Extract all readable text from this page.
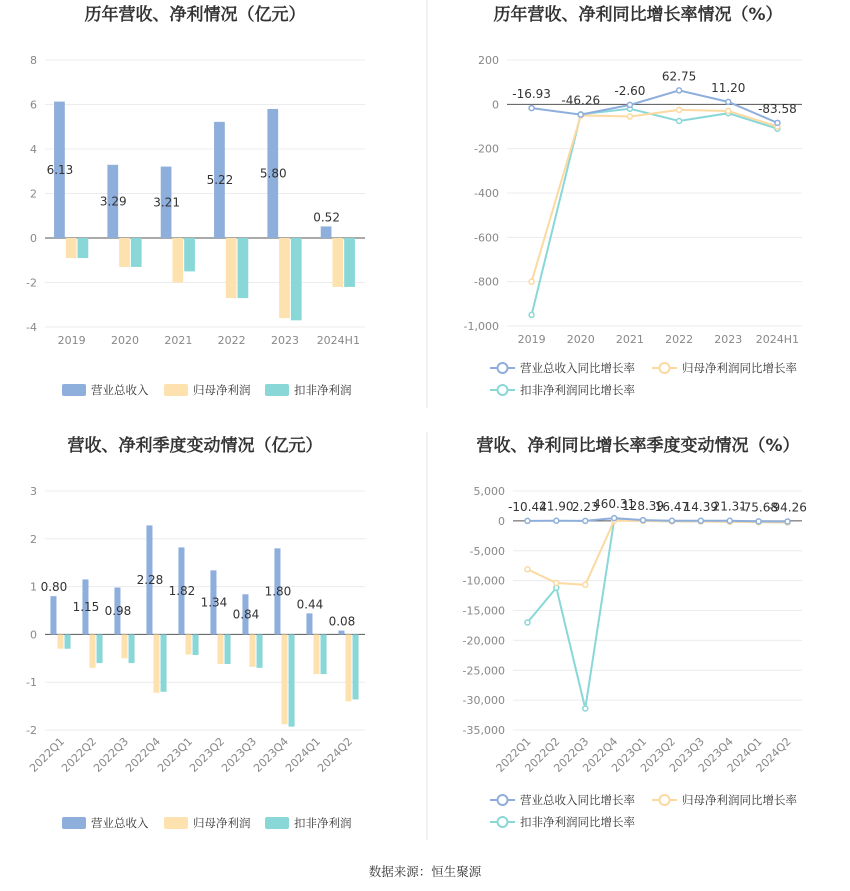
历年营收、净利情况（亿元）
-4
-2
0
2
4
6
8
2019 2020 2021 2022 2023 2024H1
6.13
3.29 3.21
5.22 5.80
0.52
营业总收入	归母净利润	扣非净利润
历年营收、净利同比增长率情况（%）
-1,000
-800
-600
-400
-200
0
200
2019 2020 2021 2022 2023 2024H1
-16.93 -46.26
-2.60
62.75
11.20
-83.58
营业总收入同比增长率	归母净利润同比增长率
扣非净利润同比增长率
营收、净利季度变动情况（亿元）
-2
-1
0
1
2
3
2022Q1
2022Q2
2022Q3
2022Q4
2023Q1
2023Q2
2023Q3
2023Q4
2024Q1
2024Q2
0.80
1.15 0.98
2.28
1.82
1.34
0.84
1.80
0.44
0.08
营业总收入	归母净利润	扣非净利润
营收、净利同比增长率季度变动情况（%）
-35,000
-30,000
-25,000
-20,000
-15,000
-10,000
-5,000
0
5,000
2022Q1
2022Q2
2022Q3
2022Q4
2023Q1
2023Q2
2023Q3
2023Q4
2024Q1
2024Q2
-10.44
21.90
2.23
460.31
128.39
16.47
14.39
21.31
-75.68
-94.26
营业总收入同比增长率	归母净利润同比增长率
扣非净利润同比增长率
数据来源：恒生聚源
